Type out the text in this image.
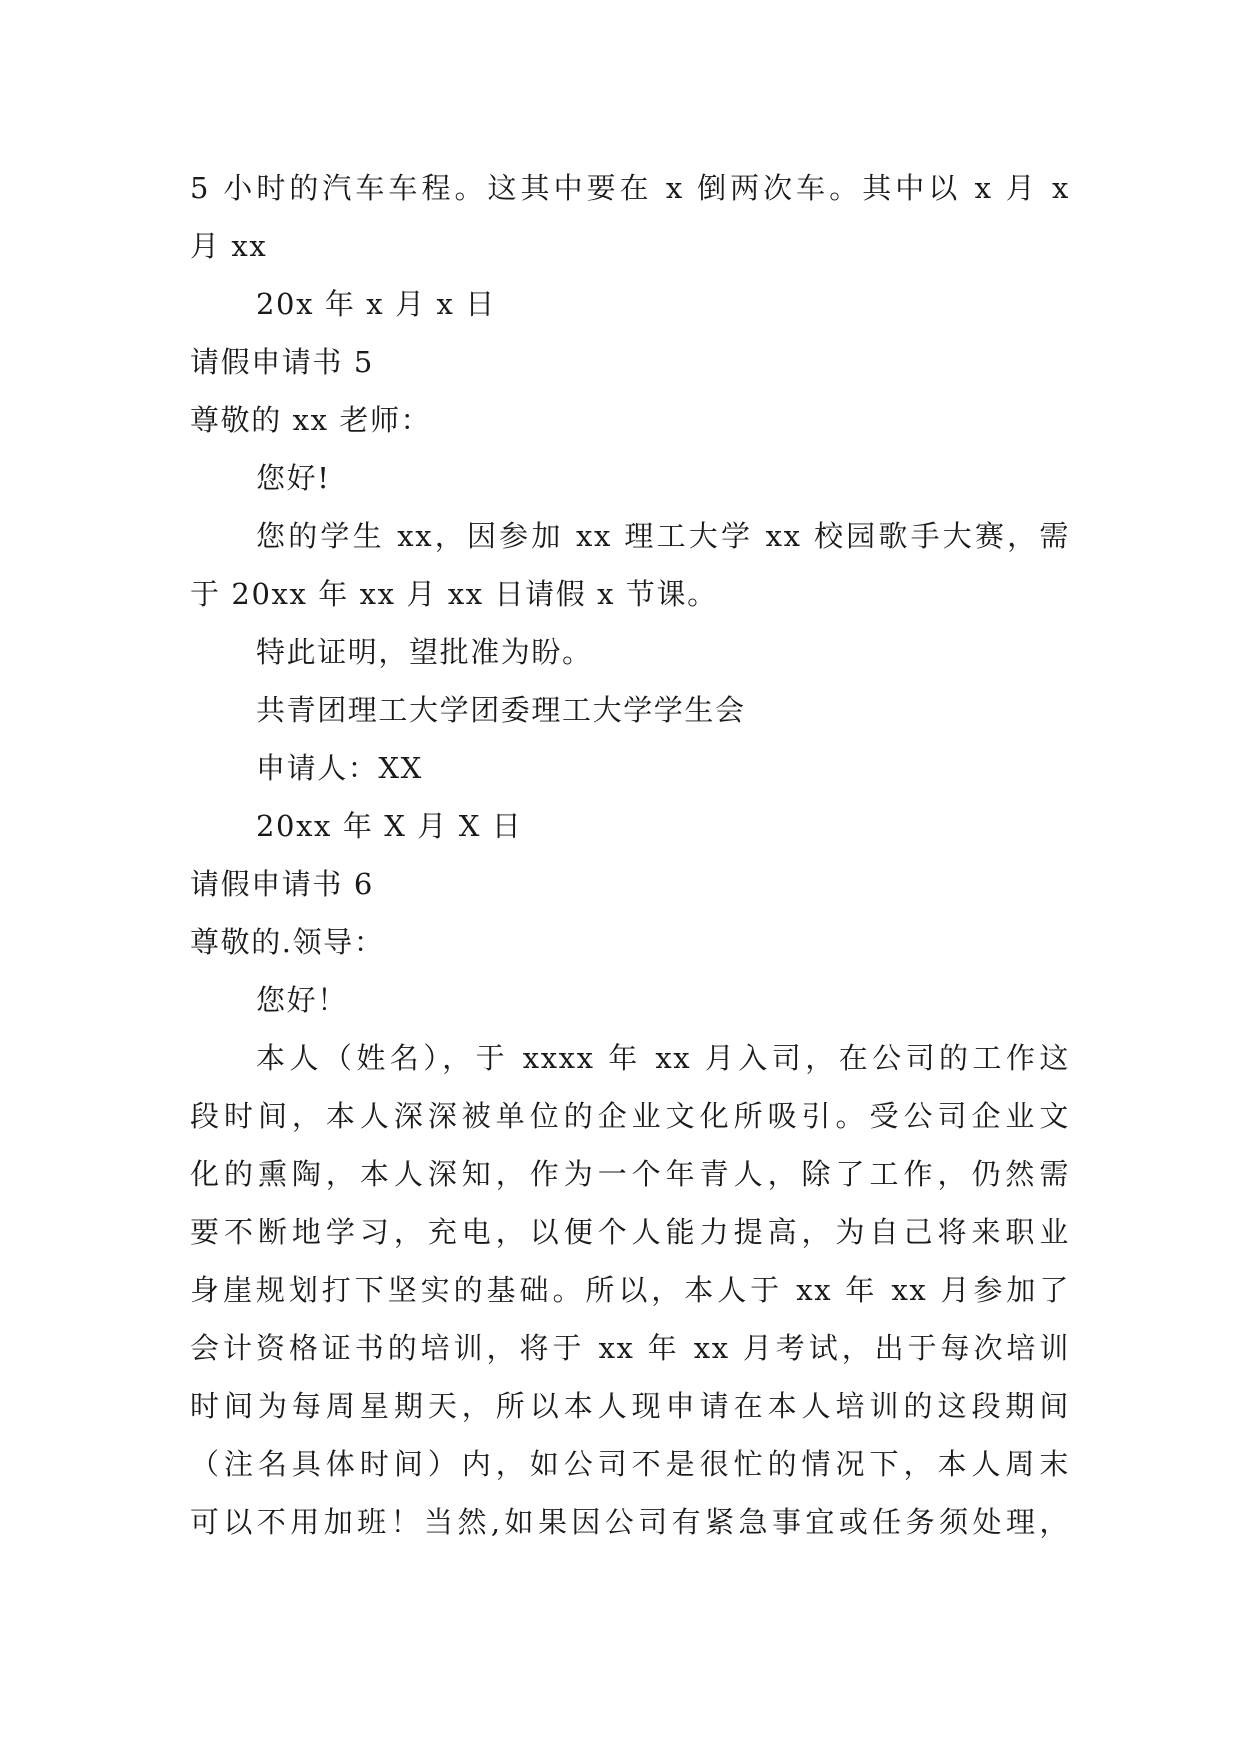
5 小时的汽车车程。这其中要在 x 倒两次车。其中以 x 月 x
月 xx
20x 年 x 月 x 日
请假申请书 5
尊敬的 xx 老师：
您好!
您的学生 xx，因参加 xx 理工大学 xx 校园歌手大赛，需
于 20xx 年 xx 月 xx 日请假 x 节课。
特此证明，望批准为盼。
共青团理工大学团委理工大学学生会
申请人：XX
20xx 年 X 月 X 日
请假申请书 6
尊敬的.领导：
您好！
本人（姓名），于 xxxx 年 xx 月入司，在公司的工作这
段时间，本人深深被单位的企业文化所吸引。受公司企业文
化的熏陶，本人深知，作为一个年青人，除了工作，仍然需
要不断地学习，充电，以便个人能力提高，为自己将来职业
身崖规划打下坚实的基础。所以，本人于 xx 年 xx 月参加了
会计资格证书的培训，将于 xx 年 xx 月考试，出于每次培训
时间为每周星期天，所以本人现申请在本人培训的这段期间
（注名具体时间）内，如公司不是很忙的情况下，本人周末
可以不用加班！当然,如果因公司有紧急事宜或任务须处理，
